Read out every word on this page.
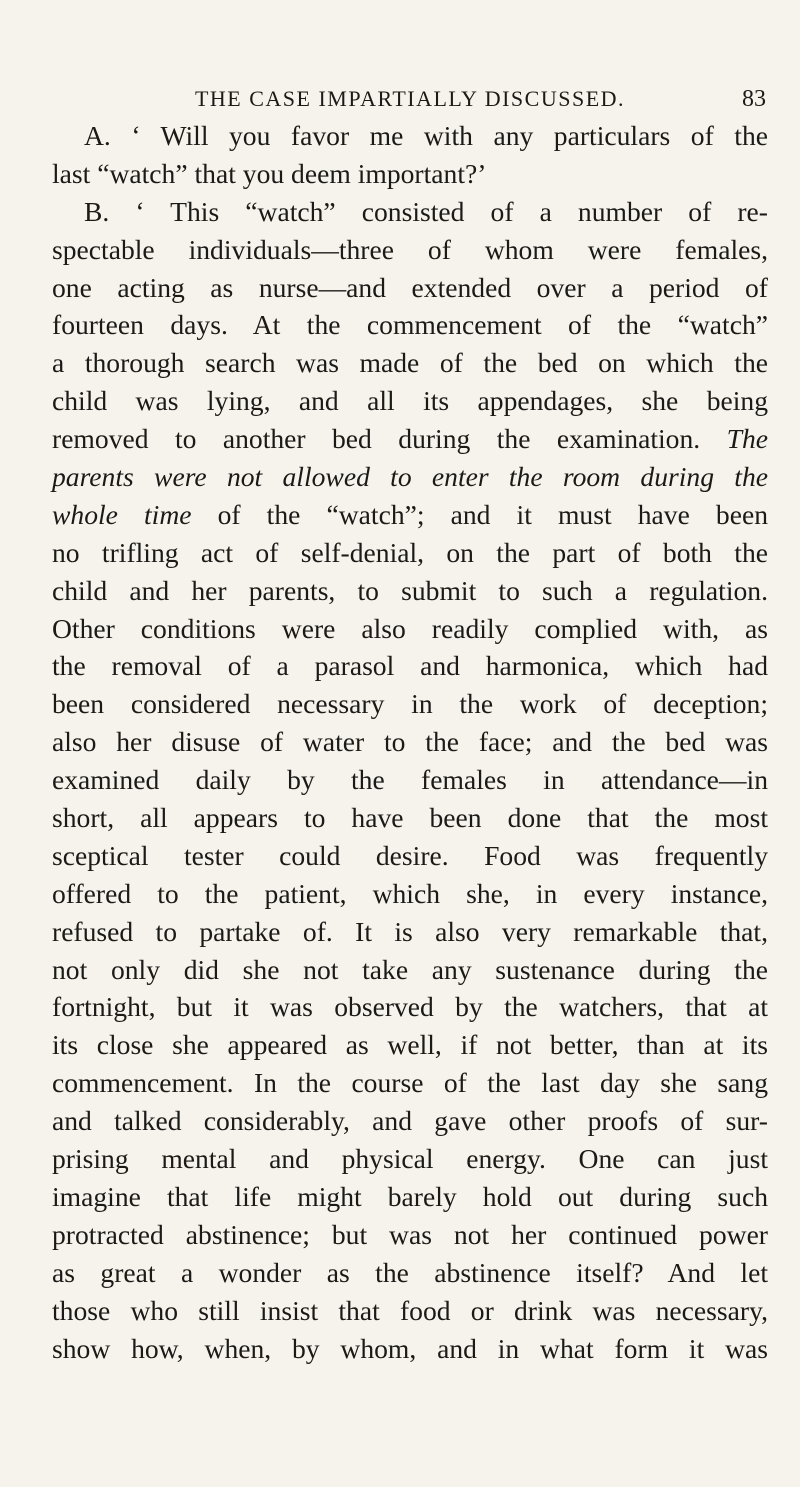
THE CASE IMPARTIALLY DISCUSSED.	83
A. ‘ Will you favor me with any particulars of the
last “watch” that you deem important?’
B. ‘ This “watch” consisted of a number of re-
spectable individuals—three of whom were females,
one acting as nurse—and extended over a period of
fourteen days. At the commencement of the “watch”
a thorough search was made of the bed on which the
child was lying, and all its appendages, she being
removed to another bed during the examination. The
parents were not allowed to enter the room during the
whole time of the “watch”; and it must have been
no trifling act of self-denial, on the part of both the
child and her parents, to submit to such a regulation.
Other conditions were also readily complied with, as
the removal of a parasol and harmonica, which had
been considered necessary in the work of deception;
also her disuse of water to the face; and the bed was
examined daily by the females in attendance—in
short, all appears to have been done that the most
sceptical tester could desire. Food was frequently
offered to the patient, which she, in every instance,
refused to partake of. It is also very remarkable that,
not only did she not take any sustenance during the
fortnight, but it was observed by the watchers, that at
its close she appeared as well, if not better, than at its
commencement. In the course of the last day she sang
and talked considerably, and gave other proofs of sur-
prising mental and physical energy. One can just
imagine that life might barely hold out during such
protracted abstinence; but was not her continued power
as great a wonder as the abstinence itself? And let
those who still insist that food or drink was necessary,
show how, when, by whom, and in what form it was
